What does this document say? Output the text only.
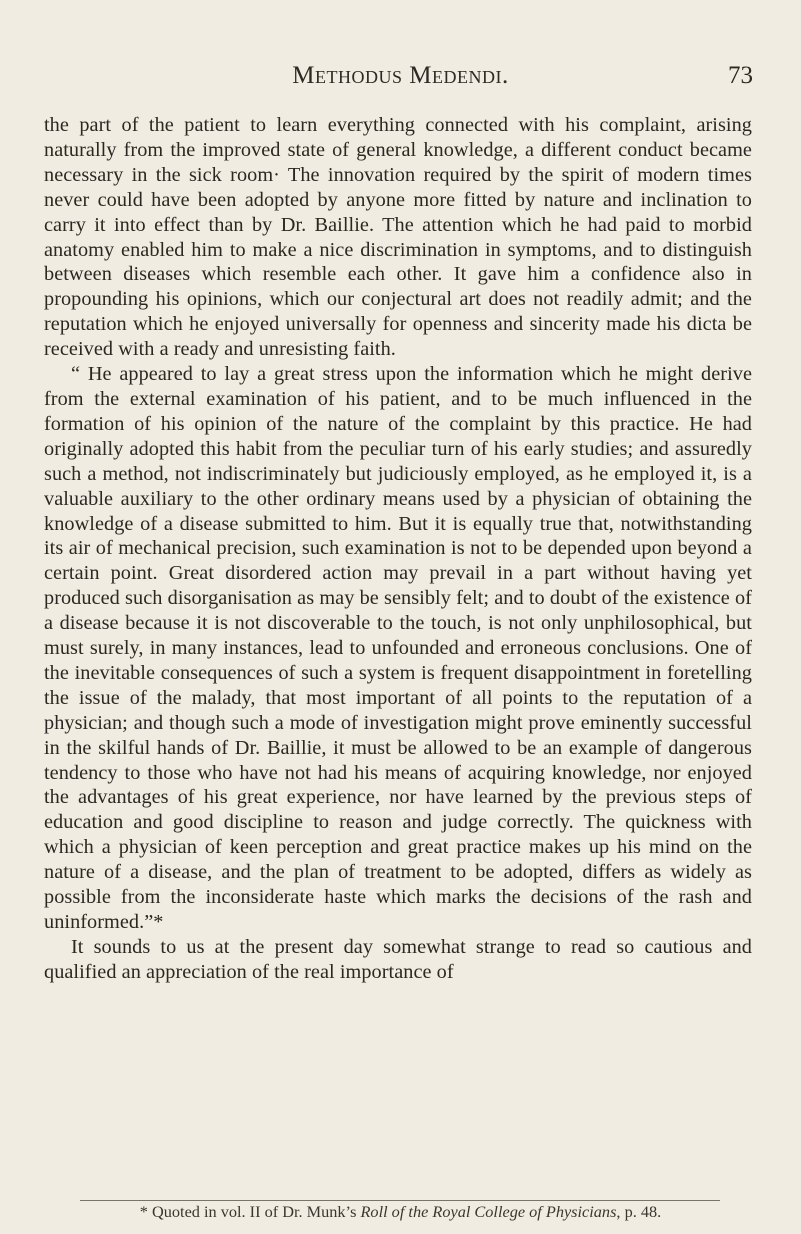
Methodus Medendi.	73

the part of the patient to learn everything connected with his complaint, arising naturally from the improved state of general knowledge, a different conduct became necessary in the sick room· The innovation required by the spirit of modern times never could have been adopted by anyone more fitted by nature and inclination to carry it into effect than by Dr. Baillie. The attention which he had paid to morbid anatomy enabled him to make a nice discrimination in symptoms, and to distinguish between diseases which resemble each other. It gave him a confidence also in propounding his opinions, which our conjectural art does not readily admit; and the reputation which he enjoyed universally for openness and sincerity made his dicta be received with a ready and unresisting faith.

“ He appeared to lay a great stress upon the information which he might derive from the external examination of his patient, and to be much influenced in the formation of his opinion of the nature of the complaint by this practice. He had originally adopted this habit from the peculiar turn of his early studies; and assuredly such a method, not indiscriminately but judiciously employed, as he employed it, is a valuable auxiliary to the other ordinary means used by a physician of obtaining the knowledge of a disease submitted to him. But it is equally true that, notwithstanding its air of mechanical precision, such examination is not to be depended upon beyond a certain point. Great disordered action may prevail in a part without having yet produced such disorganisation as may be sensibly felt; and to doubt of the existence of a disease because it is not discoverable to the touch, is not only unphilosophical, but must surely, in many instances, lead to unfounded and erroneous conclusions. One of the inevitable consequences of such a system is frequent disappointment in foretelling the issue of the malady, that most important of all points to the reputation of a physician; and though such a mode of investigation might prove eminently successful in the skilful hands of Dr. Baillie, it must be allowed to be an example of dangerous tendency to those who have not had his means of acquiring knowledge, nor enjoyed the advantages of his great experience, nor have learned by the previous steps of education and good discipline to reason and judge correctly. The quickness with which a physician of keen perception and great practice makes up his mind on the nature of a disease, and the plan of treatment to be adopted, differs as widely as possible from the inconsiderate haste which marks the decisions of the rash and uninformed.”*

It sounds to us at the present day somewhat strange to read so cautious and qualified an appreciation of the real importance of

* Quoted in vol. II of Dr. Munk’s Roll of the Royal College of Physicians, p. 48.
